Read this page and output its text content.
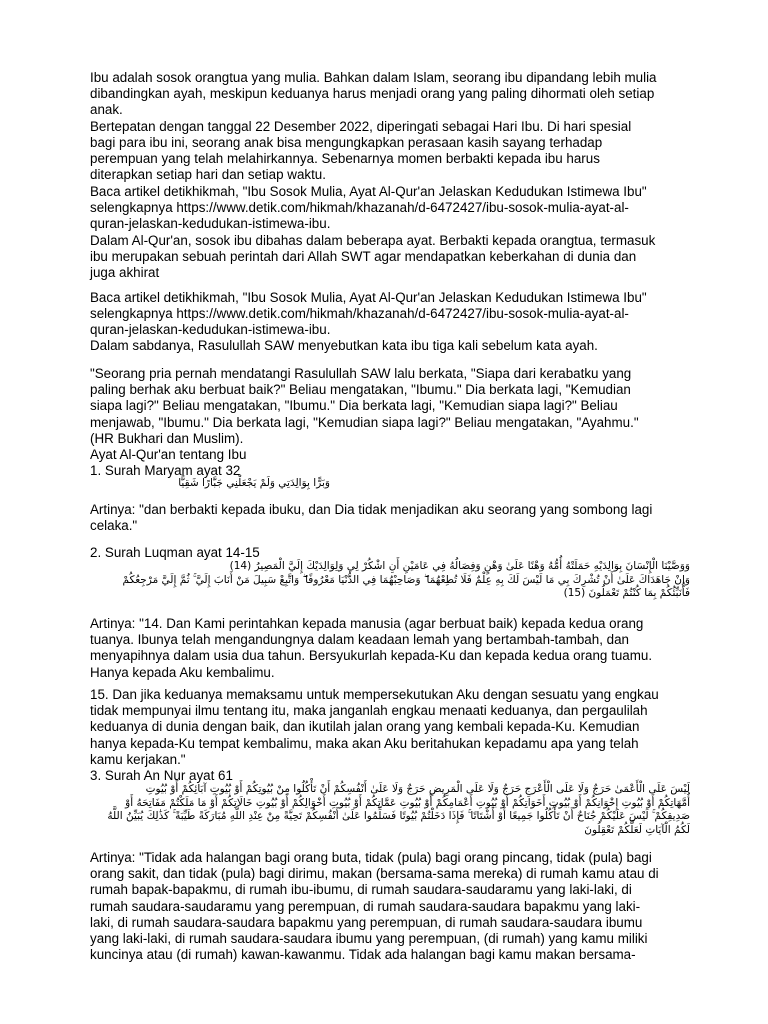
Ibu adalah sosok orangtua yang mulia. Bahkan dalam Islam, seorang ibu dipandang lebih mulia
dibandingkan ayah, meskipun keduanya harus menjadi orang yang paling dihormati oleh setiap
anak.
Bertepatan dengan tanggal 22 Desember 2022, diperingati sebagai Hari Ibu. Di hari spesial
bagi para ibu ini, seorang anak bisa mengungkapkan perasaan kasih sayang terhadap
perempuan yang telah melahirkannya. Sebenarnya momen berbakti kepada ibu harus
diterapkan setiap hari dan setiap waktu.

Baca artikel detikhikmah, "Ibu Sosok Mulia, Ayat Al-Qur'an Jelaskan Kedudukan Istimewa Ibu"
selengkapnya https://www.detik.com/hikmah/khazanah/d-6472427/ibu-sosok-mulia-ayat-al-
quran-jelaskan-kedudukan-istimewa-ibu.

Dalam Al-Qur'an, sosok ibu dibahas dalam beberapa ayat. Berbakti kepada orangtua, termasuk
ibu merupakan sebuah perintah dari Allah SWT agar mendapatkan keberkahan di dunia dan
juga akhirat

Baca artikel detikhikmah, "Ibu Sosok Mulia, Ayat Al-Qur'an Jelaskan Kedudukan Istimewa Ibu"
selengkapnya https://www.detik.com/hikmah/khazanah/d-6472427/ibu-sosok-mulia-ayat-al-
quran-jelaskan-kedudukan-istimewa-ibu.

Dalam sabdanya, Rasulullah SAW menyebutkan kata ibu tiga kali sebelum kata ayah.

"Seorang pria pernah mendatangi Rasulullah SAW lalu berkata, "Siapa dari kerabatku yang
paling berhak aku berbuat baik?" Beliau mengatakan, "Ibumu." Dia berkata lagi, "Kemudian
siapa lagi?" Beliau mengatakan, "Ibumu." Dia berkata lagi, "Kemudian siapa lagi?" Beliau
menjawab, "Ibumu." Dia berkata lagi, "Kemudian siapa lagi?" Beliau mengatakan, "Ayahmu."
(HR Bukhari dan Muslim).

Ayat Al-Qur'an tentang Ibu
1. Surah Maryam ayat 32

وَبَرًّا بِوَالِدَتِي وَلَمْ يَجْعَلْنِي جَبَّارًا شَقِيًّا

Artinya: "dan berbakti kepada ibuku, dan Dia tidak menjadikan aku seorang yang sombong lagi
celaka."

2. Surah Luqman ayat 14-15

وَوَصَّيْنَا الْإِنْسَانَ بِوَالِدَيْهِ حَمَلَتْهُ أُمُّهُ وَهْنًا عَلَىٰ وَهْنٍ وَفِصَالُهُ فِي عَامَيْنِ أَنِ اشْكُرْ لِي وَلِوَالِدَيْكَ إِلَيَّ الْمَصِيرُ (14)
وَإِنْ جَاهَدَاكَ عَلَىٰ أَنْ تُشْرِكَ بِي مَا لَيْسَ لَكَ بِهِ عِلْمٌ فَلَا تُطِعْهُمَا ۖ وَصَاحِبْهُمَا فِي الدُّنْيَا مَعْرُوفًا ۖ وَاتَّبِعْ سَبِيلَ مَنْ أَنَابَ إِلَيَّ ۚ ثُمَّ إِلَيَّ مَرْجِعُكُمْ
فَأُنَبِّئُكُمْ بِمَا كُنْتُمْ تَعْمَلُونَ (15)

Artinya: "14. Dan Kami perintahkan kepada manusia (agar berbuat baik) kepada kedua orang
tuanya. Ibunya telah mengandungnya dalam keadaan lemah yang bertambah-tambah, dan
menyapihnya dalam usia dua tahun. Bersyukurlah kepada-Ku dan kepada kedua orang tuamu.
Hanya kepada Aku kembalimu.

15. Dan jika keduanya memaksamu untuk mempersekutukan Aku dengan sesuatu yang engkau
tidak mempunyai ilmu tentang itu, maka janganlah engkau menaati keduanya, dan pergaulilah
keduanya di dunia dengan baik, dan ikutilah jalan orang yang kembali kepada-Ku. Kemudian
hanya kepada-Ku tempat kembalimu, maka akan Aku beritahukan kepadamu apa yang telah
kamu kerjakan."

3. Surah An Nur ayat 61

لَيْسَ عَلَى الْأَعْمَىٰ حَرَجٌ وَلَا عَلَى الْأَعْرَجِ حَرَجٌ وَلَا عَلَى الْمَرِيضِ حَرَجٌ وَلَا عَلَىٰ أَنْفُسِكُمْ أَنْ تَأْكُلُوا مِنْ بُيُوتِكُمْ أَوْ بُيُوتِ آبَائِكُمْ أَوْ بُيُوتِ
أُمَّهَاتِكُمْ أَوْ بُيُوتِ إِخْوَانِكُمْ أَوْ بُيُوتِ أَخَوَاتِكُمْ أَوْ بُيُوتِ أَعْمَامِكُمْ أَوْ بُيُوتِ عَمَّاتِكُمْ أَوْ بُيُوتِ أَخْوَالِكُمْ أَوْ بُيُوتِ خَالَاتِكُمْ أَوْ مَا مَلَكْتُمْ مَفَاتِحَهُ أَوْ
صَدِيقِكُمْ ۚ لَيْسَ عَلَيْكُمْ جُنَاحٌ أَنْ تَأْكُلُوا جَمِيعًا أَوْ أَشْتَاتًا ۚ فَإِذَا دَخَلْتُمْ بُيُوتًا فَسَلِّمُوا عَلَىٰ أَنْفُسِكُمْ تَحِيَّةً مِنْ عِنْدِ اللَّهِ مُبَارَكَةً طَيِّبَةً ۚ كَذَٰلِكَ يُبَيِّنُ اللَّهُ
لَكُمُ الْآيَاتِ لَعَلَّكُمْ تَعْقِلُونَ

Artinya: "Tidak ada halangan bagi orang buta, tidak (pula) bagi orang pincang, tidak (pula) bagi
orang sakit, dan tidak (pula) bagi dirimu, makan (bersama-sama mereka) di rumah kamu atau di
rumah bapak-bapakmu, di rumah ibu-ibumu, di rumah saudara-saudaramu yang laki-laki, di
rumah saudara-saudaramu yang perempuan, di rumah saudara-saudara bapakmu yang laki-
laki, di rumah saudara-saudara bapakmu yang perempuan, di rumah saudara-saudara ibumu
yang laki-laki, di rumah saudara-saudara ibumu yang perempuan, (di rumah) yang kamu miliki
kuncinya atau (di rumah) kawan-kawanmu. Tidak ada halangan bagi kamu makan bersama-
